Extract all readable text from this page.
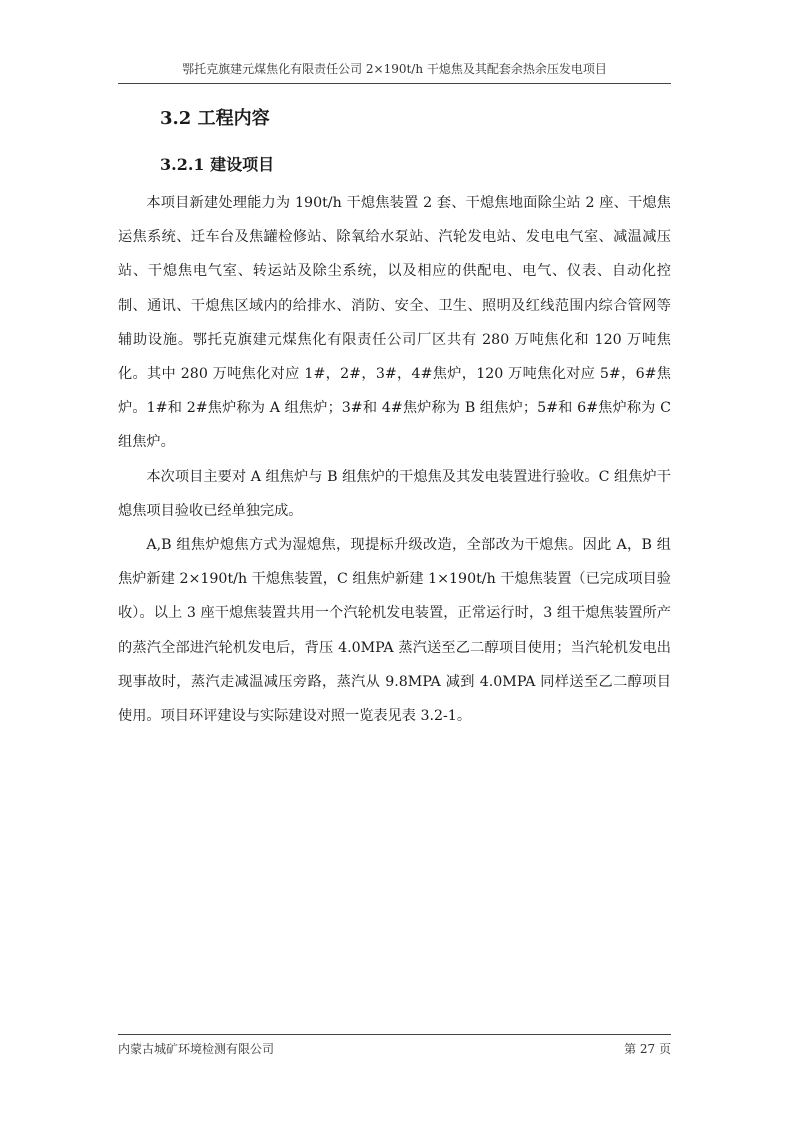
鄂托克旗建元煤焦化有限责任公司 2×190t/h 干熄焦及其配套余热余压发电项目
3.2 工程内容
3.2.1 建设项目

本项目新建处理能力为 190t/h 干熄焦装置 2 套、干熄焦地面除尘站 2 座、干熄焦运焦系统、迁车台及焦罐检修站、除氧给水泵站、汽轮发电站、发电电气室、减温减压站、干熄焦电气室、转运站及除尘系统，以及相应的供配电、电气、仪表、自动化控制、通讯、干熄焦区域内的给排水、消防、安全、卫生、照明及红线范围内综合管网等辅助设施。鄂托克旗建元煤焦化有限责任公司厂区共有 280 万吨焦化和 120 万吨焦化。其中 280 万吨焦化对应 1#，2#，3#，4#焦炉，120 万吨焦化对应 5#，6#焦炉。1#和 2#焦炉称为 A 组焦炉；3#和 4#焦炉称为 B 组焦炉；5#和 6#焦炉称为 C 组焦炉。

本次项目主要对 A 组焦炉与 B 组焦炉的干熄焦及其发电装置进行验收。C 组焦炉干熄焦项目验收已经单独完成。

A,B 组焦炉熄焦方式为湿熄焦，现提标升级改造，全部改为干熄焦。因此 A，B 组焦炉新建 2×190t/h 干熄焦装置，C 组焦炉新建 1×190t/h 干熄焦装置（已完成项目验收）。以上 3 座干熄焦装置共用一个汽轮机发电装置，正常运行时，3 组干熄焦装置所产的蒸汽全部进汽轮机发电后，背压 4.0MPA 蒸汽送至乙二醇项目使用；当汽轮机发电出现事故时，蒸汽走减温减压旁路，蒸汽从 9.8MPA 减到 4.0MPA 同样送至乙二醇项目使用。项目环评建设与实际建设对照一览表见表 3.2-1。

内蒙古城矿环境检测有限公司	第 27 页
